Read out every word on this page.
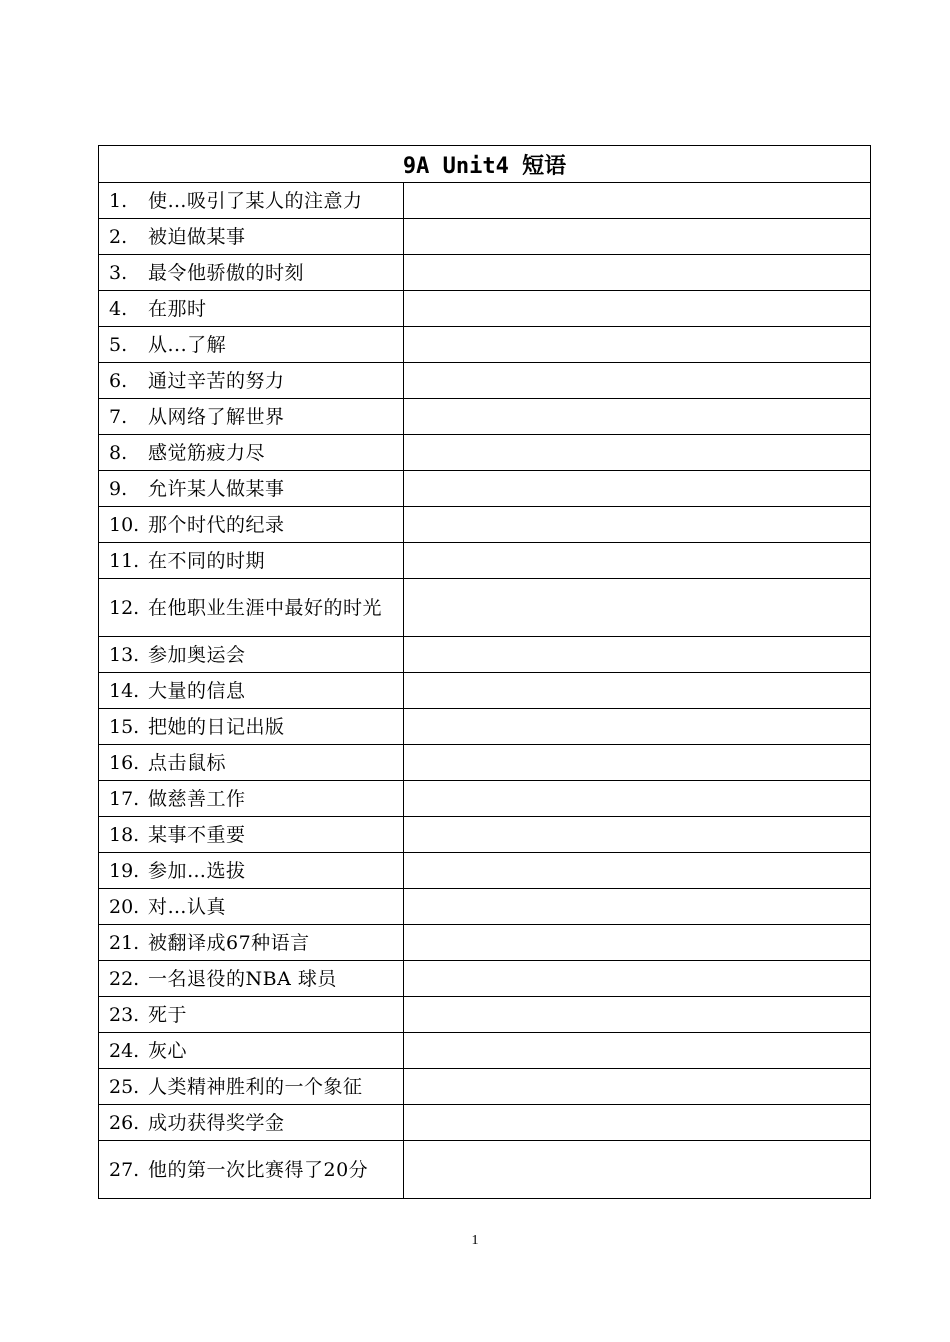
9A Unit4 短语	

1. 使…吸引了某人的注意力	

2. 被迫做某事	

3. 最令他骄傲的时刻	

4. 在那时	

5. 从...了解	

6. 通过辛苦的努力	

7. 从网络了解世界	

8. 感觉筋疲力尽	

9. 允许某人做某事	

10. 那个时代的纪录	

11. 在不同的时期	

12. 在他职业生涯中最好的时光	

13. 参加奥运会	

14. 大量的信息	

15. 把她的日记出版	

16. 点击鼠标	

17. 做慈善工作	

18. 某事不重要	

19. 参加…选拔	

20. 对…认真	

21. 被翻译成67种语言	

22. 一名退役的NBA 球员	

23. 死于	

24. 灰心	

25. 人类精神胜利的一个象征	

26. 成功获得奖学金	

27. 他的第一次比赛得了20分	

1
